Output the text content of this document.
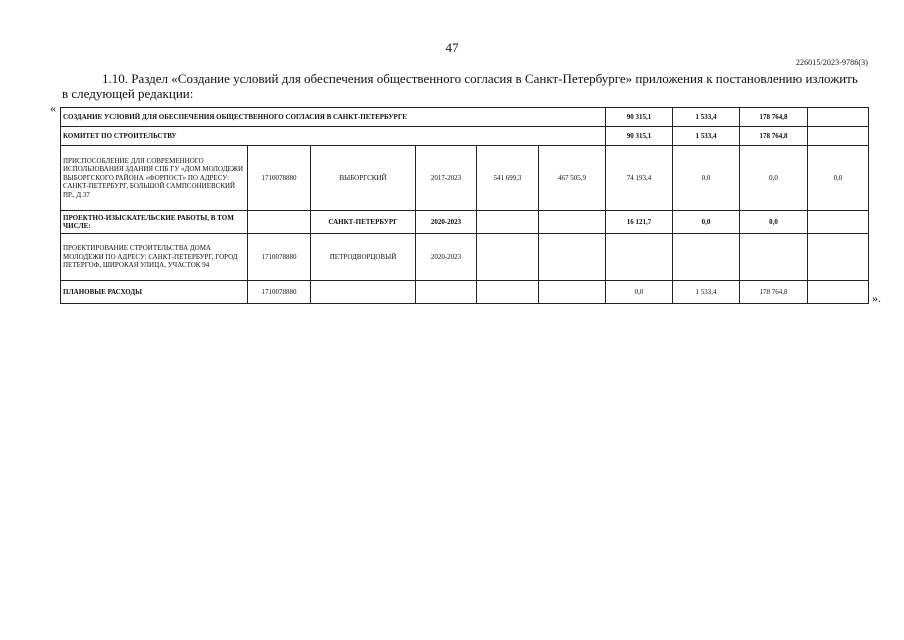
47
226015/2023-9786(3)
1.10. Раздел «Создание условий для обеспечения общественного согласия в Санкт-Петербурге» приложения к постановлению изложить
в следующей редакции:
«
».
СОЗДАНИЕ УСЛОВИЙ ДЛЯ ОБЕСПЕЧЕНИЯ ОБЩЕСТВЕННОГО СОГЛАСИЯ В САНКТ-ПЕТЕРБУРГЕ						90 315,1	1 533,4	178 764,8	
КОМИТЕТ ПО СТРОИТЕЛЬСТВУ						90 315,1	1 533,4	178 764,8	
ПРИСПОСОБЛЕНИЕ ДЛЯ СОВРЕМЕННОГО ИСПОЛЬЗОВАНИЯ ЗДАНИЯ СПБ ГУ «ДОМ МОЛОДЕЖИ ВЫБОРГСКОГО РАЙОНА «ФОРПОСТ» ПО АДРЕСУ: САНКТ-ПЕТЕРБУРГ, БОЛЬШОЙ САМПСОНИЕВСКИЙ ПР., Д.37	1710078880	ВЫБОРГСКИЙ	2017-2023	541 699,3	467 505,9	74 193,4	0,0	0,0	0,0
ПРОЕКТНО-ИЗЫСКАТЕЛЬСКИЕ РАБОТЫ, В ТОМ ЧИСЛЕ:		САНКТ-ПЕТЕРБУРГ	2020-2023			16 121,7	0,0	0,0	
ПРОЕКТИРОВАНИЕ СТРОИТЕЛЬСТВА ДОМА МОЛОДЕЖИ ПО АДРЕСУ: САНКТ-ПЕТЕРБУРГ, ГОРОД ПЕТЕРГОФ, ШИРОКАЯ УЛИЦА, УЧАСТОК 94	1710078880	ПЕТРОДВОРЦОВЫЙ	2020-2023						
ПЛАНОВЫЕ РАСХОДЫ	1710078880					0,0	1 533,4	178 764,8	
